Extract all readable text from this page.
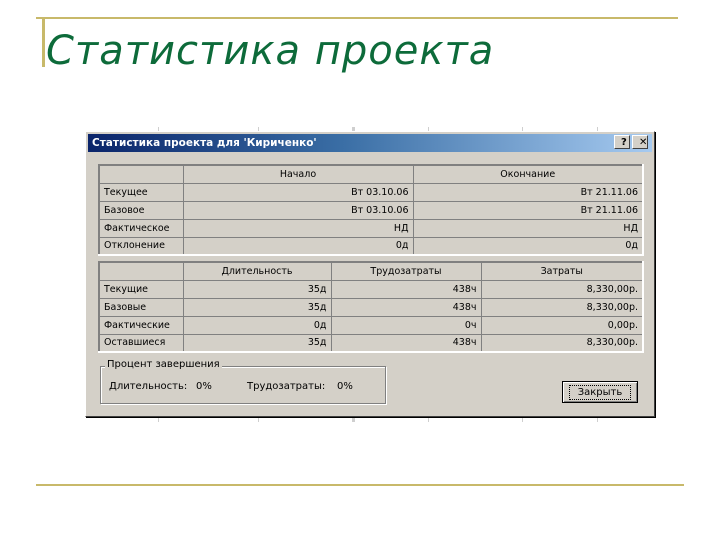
Статистика проекта
Статистика проекта для 'Кириченко'	?	✕
	Начало	Окончание
Текущее	Вт 03.10.06	Вт 21.11.06
Базовое	Вт 03.10.06	Вт 21.11.06
Фактическое	НД	НД
Отклонение	0д	0д
	Длительность	Трудозатраты	Затраты
Текущие	35д	438ч	8,330,00р.
Базовые	35д	438ч	8,330,00р.
Фактические	0д	0ч	0,00р.
Оставшиеся	35д	438ч	8,330,00р.
Процент завершения
Длительность: 0%	Трудозатраты: 0%	Закрыть
